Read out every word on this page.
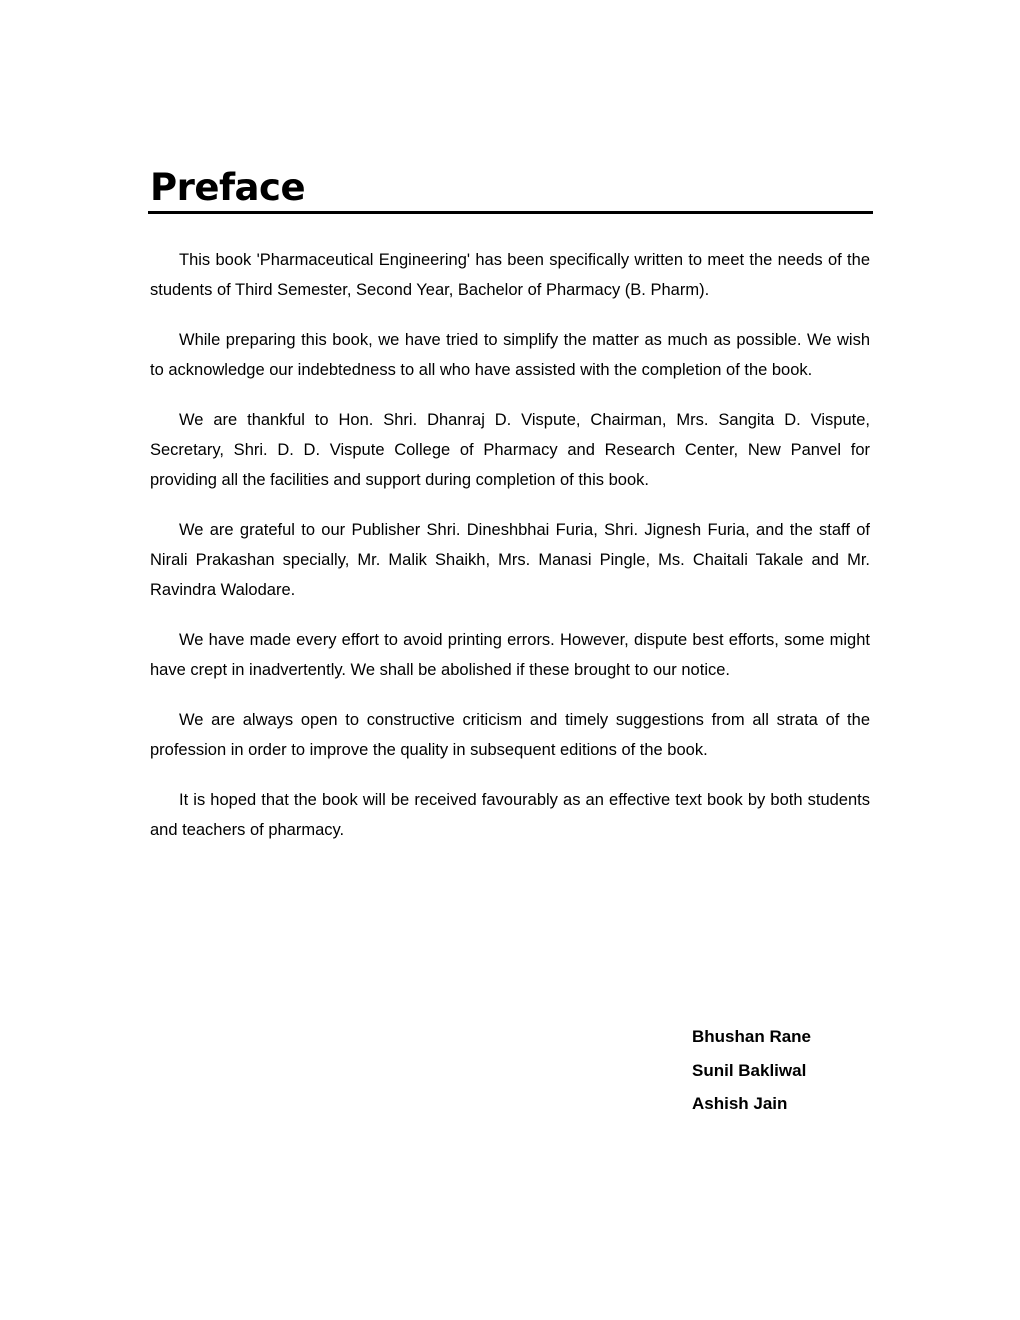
Preface

This book 'Pharmaceutical Engineering' has been specifically written to meet the needs of the students of Third Semester, Second Year, Bachelor of Pharmacy (B. Pharm).

While preparing this book, we have tried to simplify the matter as much as possible. We wish to acknowledge our indebtedness to all who have assisted with the completion of the book.

We are thankful to Hon. Shri. Dhanraj D. Vispute, Chairman, Mrs. Sangita D. Vispute, Secretary, Shri. D. D. Vispute College of Pharmacy and Research Center, New Panvel for providing all the facilities and support during completion of this book.

We are grateful to our Publisher Shri. Dineshbhai Furia, Shri. Jignesh Furia, and the staff of Nirali Prakashan specially, Mr. Malik Shaikh, Mrs. Manasi Pingle, Ms. Chaitali Takale and Mr. Ravindra Walodare.

We have made every effort to avoid printing errors. However, dispute best efforts, some might have crept in inadvertently. We shall be abolished if these brought to our notice.

We are always open to constructive criticism and timely suggestions from all strata of the profession in order to improve the quality in subsequent editions of the book.

It is hoped that the book will be received favourably as an effective text book by both students and teachers of pharmacy.

Bhushan Rane

Sunil Bakliwal

Ashish Jain
